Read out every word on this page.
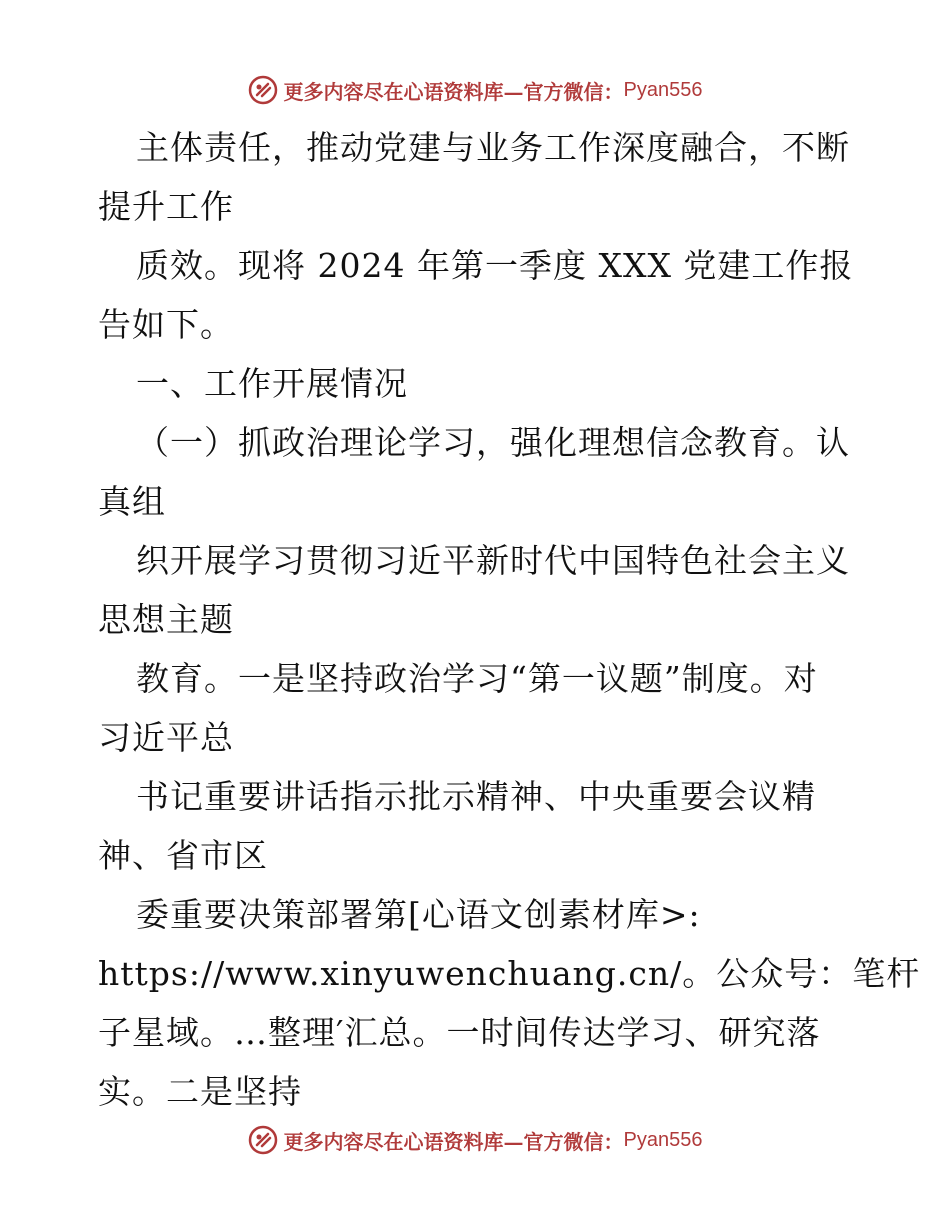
更多内容尽在心语资料库—官方微信： Pyan556
主体责任，推动党建与业务工作深度融合，不断
提升工作
质效。现将 2024 年第一季度 XXX 党建工作报
告如下。
一、工作开展情况
（一）抓政治理论学习，强化理想信念教育。认
真组
织开展学习贯彻习近平新时代中国特色社会主义
思想主题
教育。一是坚持政治学习“第一议题”制度。对
习近平总
书记重要讲话指示批示精神、中央重要会议精
神、省市区
委重要决策部署第[心语文创素材库>:
https://www.xinyuwenchuang.cn/。公众号：笔杆
子星域。…整理′汇总。一时间传达学习、研究落
实。二是坚持
更多内容尽在心语资料库—官方微信： Pyan556
